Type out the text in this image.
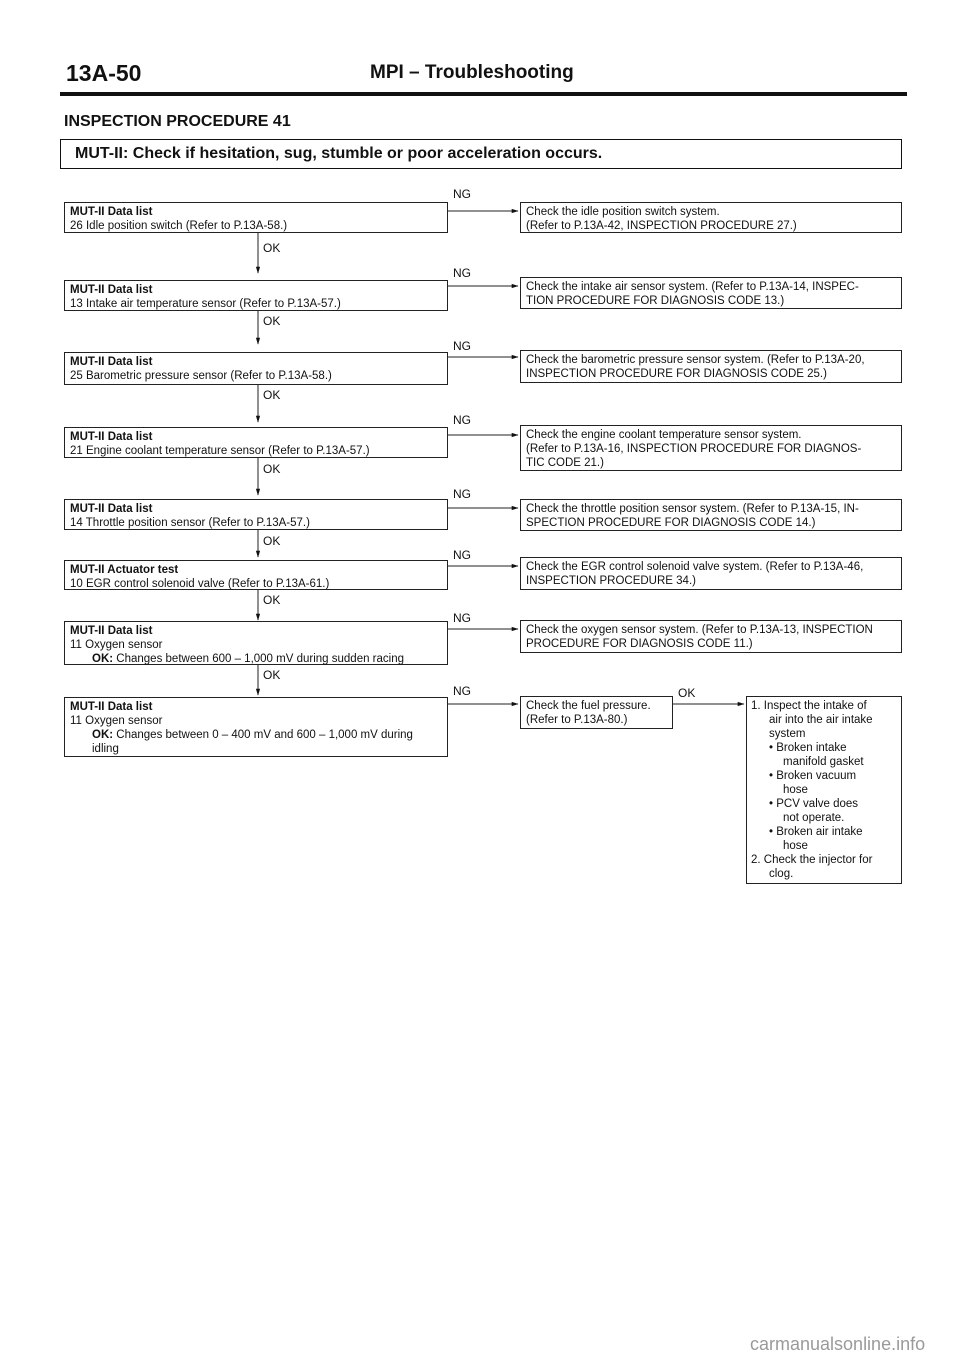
13A-50	MPI – Troubleshooting
INSPECTION PROCEDURE 41
MUT-II: Check if hesitation, sug, stumble or poor acceleration occurs.
MUT-II Data list
26 Idle position switch (Refer to P.13A-58.)
MUT-II Data list
13 Intake air temperature sensor (Refer to P.13A-57.)
MUT-II Data list
25 Barometric pressure sensor (Refer to P.13A-58.)
MUT-II Data list
21 Engine coolant temperature sensor (Refer to P.13A-57.)
MUT-II Data list
14 Throttle position sensor (Refer to P.13A-57.)
MUT-II Actuator test
10 EGR control solenoid valve (Refer to P.13A-61.)
MUT-II Data list
11 Oxygen sensor
OK: Changes between 600 – 1,000 mV during sudden racing
MUT-II Data list
11 Oxygen sensor
OK: Changes between 0 – 400 mV and 600 – 1,000 mV during
idling
NG
NG
NG
NG
NG
NG
NG
NG	OK
OK
OK
OK
OK
OK
OK
OK
Check the idle position switch system.
(Refer to P.13A-42, INSPECTION PROCEDURE 27.)
Check the intake air sensor system. (Refer to P.13A-14, INSPEC-
TION PROCEDURE FOR DIAGNOSIS CODE 13.)
Check the barometric pressure sensor system. (Refer to P.13A-20,
INSPECTION PROCEDURE FOR DIAGNOSIS CODE 25.)
Check the engine coolant temperature sensor system.
(Refer to P.13A-16, INSPECTION PROCEDURE FOR DIAGNOS-
TIC CODE 21.)
Check the throttle position sensor system. (Refer to P.13A-15, IN-
SPECTION PROCEDURE FOR DIAGNOSIS CODE 14.)
Check the EGR control solenoid valve system. (Refer to P.13A-46,
INSPECTION PROCEDURE 34.)
Check the oxygen sensor system. (Refer to P.13A-13, INSPECTION
PROCEDURE FOR DIAGNOSIS CODE 11.)
Check the fuel pressure.
(Refer to P.13A-80.)
1. Inspect the intake of
air into the air intake
system
• Broken intake
manifold gasket
• Broken vacuum
hose
• PCV valve does
not operate.
• Broken air intake
hose
2. Check the injector for
clog.
carmanualsonline.info
